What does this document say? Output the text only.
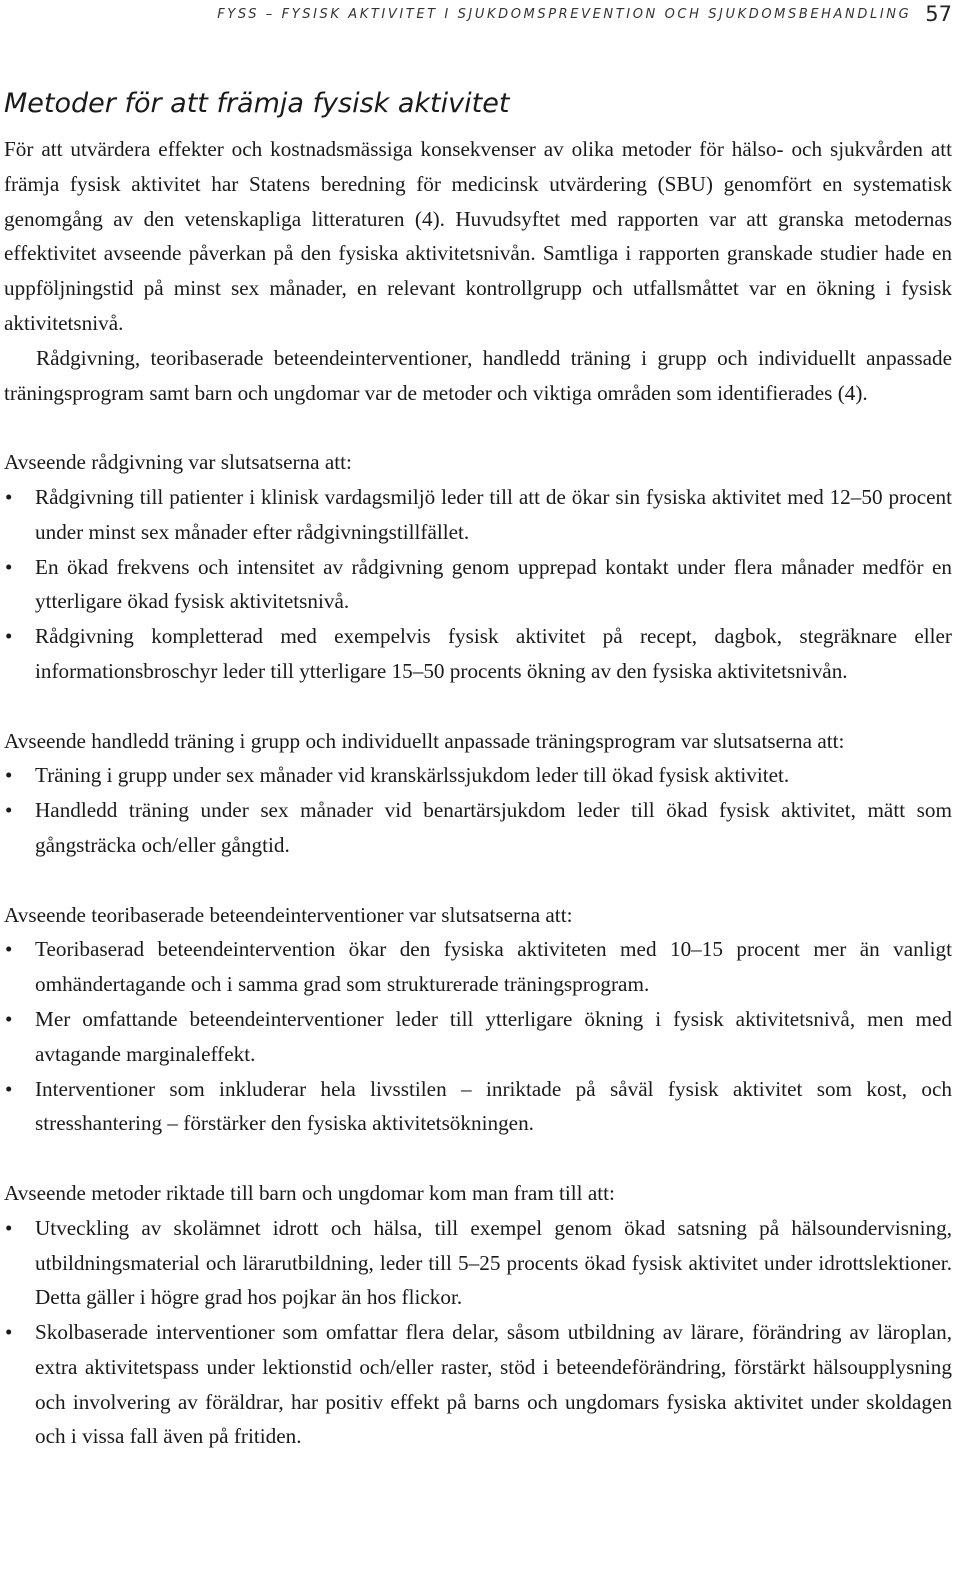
FYSS – FYSISK AKTIVITET I SJUKDOMSPREVENTION OCH SJUKDOMSBEHANDLING 57
Metoder för att främja fysisk aktivitet

För att utvärdera effekter och kostnadsmässiga konsekvenser av olika metoder för hälso- och sjukvården att främja fysisk aktivitet har Statens beredning för medicinsk utvärdering (SBU) genomfört en systematisk genomgång av den vetenskapliga litteraturen (4). Huvudsyftet med rapporten var att granska metodernas effektivitet avseende påverkan på den fysiska aktivitetsnivån. Samtliga i rapporten granskade studier hade en uppföljningstid på minst sex månader, en relevant kontrollgrupp och utfallsmåttet var en ökning i fysisk aktivitetsnivå.

Rådgivning, teoribaserade beteendeinterventioner, handledd träning i grupp och individuellt anpassade träningsprogram samt barn och ungdomar var de metoder och viktiga områden som identifierades (4).

Avseende rådgivning var slutsatserna att:

• Rådgivning till patienter i klinisk vardagsmiljö leder till att de ökar sin fysiska aktivitet med 12–50 procent under minst sex månader efter rådgivningstillfället.
• En ökad frekvens och intensitet av rådgivning genom upprepad kontakt under flera månader medför en ytterligare ökad fysisk aktivitetsnivå.
• Rådgivning kompletterad med exempelvis fysisk aktivitet på recept, dagbok, stegräknare eller informationsbroschyr leder till ytterligare 15–50 procents ökning av den fysiska aktivitetsnivån.

Avseende handledd träning i grupp och individuellt anpassade träningsprogram var slutsatserna att:

• Träning i grupp under sex månader vid kranskärlssjukdom leder till ökad fysisk aktivitet.
• Handledd träning under sex månader vid benartärsjukdom leder till ökad fysisk aktivitet, mätt som gångsträcka och/eller gångtid.

Avseende teoribaserade beteendeinterventioner var slutsatserna att:

• Teoribaserad beteendeintervention ökar den fysiska aktiviteten med 10–15 procent mer än vanligt omhändertagande och i samma grad som strukturerade träningsprogram.
• Mer omfattande beteendeinterventioner leder till ytterligare ökning i fysisk aktivitetsnivå, men med avtagande marginaleffekt.
• Interventioner som inkluderar hela livsstilen – inriktade på såväl fysisk aktivitet som kost, och stresshantering – förstärker den fysiska aktivitetsökningen.

Avseende metoder riktade till barn och ungdomar kom man fram till att:

• Utveckling av skolämnet idrott och hälsa, till exempel genom ökad satsning på hälsoundervisning, utbildningsmaterial och lärarutbildning, leder till 5–25 procents ökad fysisk aktivitet under idrottslektioner. Detta gäller i högre grad hos pojkar än hos flickor.
• Skolbaserade interventioner som omfattar flera delar, såsom utbildning av lärare, förändring av läroplan, extra aktivitetspass under lektionstid och/eller raster, stöd i beteendeförändring, förstärkt hälsoupplysning och involvering av föräldrar, har positiv effekt på barns och ungdomars fysiska aktivitet under skoldagen och i vissa fall även på fritiden.
